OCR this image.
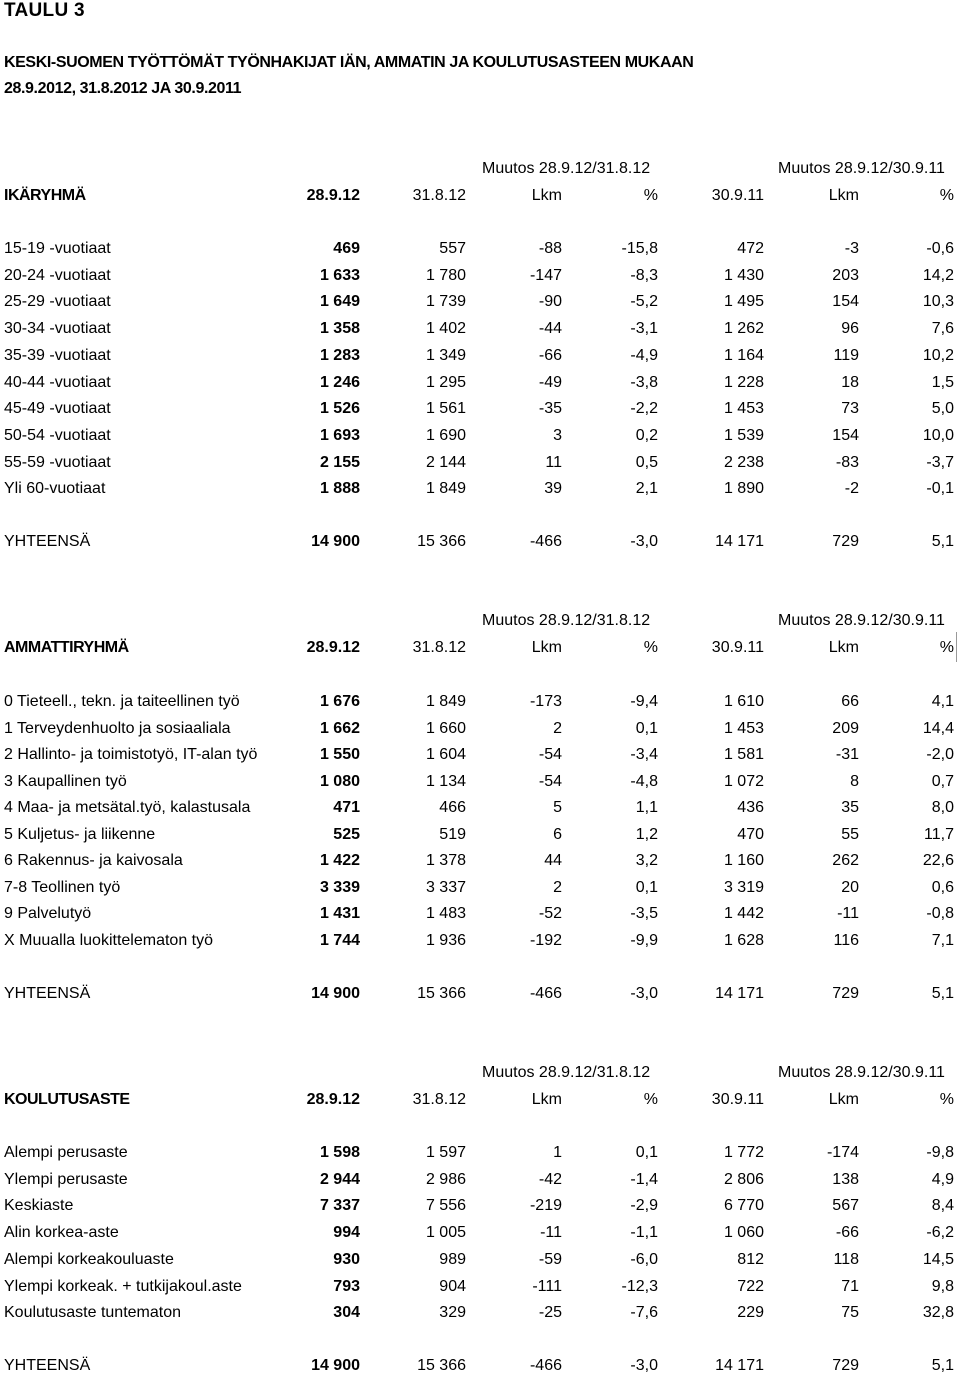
TAULU 3
KESKI-SUOMEN TYÖTTÖMÄT TYÖNHAKIJAT IÄN, AMMATIN JA KOULUTUSASTEEN MUKAAN
28.9.2012, 31.8.2012 JA 30.9.2011
Muutos 28.9.12/31.8.12	Muutos 28.9.12/30.9.11
IKÄRYHMÄ	28.9.12	31.8.12	Lkm	%	30.9.11	Lkm	%
15-19 -vuotiaat	469	557	-88	-15,8	472	-3	-0,6
20-24 -vuotiaat	1 633	1 780	-147	-8,3	1 430	203	14,2
25-29 -vuotiaat	1 649	1 739	-90	-5,2	1 495	154	10,3
30-34 -vuotiaat	1 358	1 402	-44	-3,1	1 262	96	7,6
35-39 -vuotiaat	1 283	1 349	-66	-4,9	1 164	119	10,2
40-44 -vuotiaat	1 246	1 295	-49	-3,8	1 228	18	1,5
45-49 -vuotiaat	1 526	1 561	-35	-2,2	1 453	73	5,0
50-54 -vuotiaat	1 693	1 690	3	0,2	1 539	154	10,0
55-59 -vuotiaat	2 155	2 144	11	0,5	2 238	-83	-3,7
Yli 60-vuotiaat	1 888	1 849	39	2,1	1 890	-2	-0,1
YHTEENSÄ	14 900	15 366	-466	-3,0	14 171	729	5,1
Muutos 28.9.12/31.8.12	Muutos 28.9.12/30.9.11
AMMATTIRYHMÄ	28.9.12	31.8.12	Lkm	%	30.9.11	Lkm	%
0 Tieteell., tekn. ja taiteellinen työ	1 676	1 849	-173	-9,4	1 610	66	4,1
1 Terveydenhuolto ja sosiaaliala	1 662	1 660	2	0,1	1 453	209	14,4
2 Hallinto- ja toimistotyö, IT-alan työ	1 550	1 604	-54	-3,4	1 581	-31	-2,0
3 Kaupallinen työ	1 080	1 134	-54	-4,8	1 072	8	0,7
4 Maa- ja metsätal.työ, kalastusala	471	466	5	1,1	436	35	8,0
5 Kuljetus- ja liikenne	525	519	6	1,2	470	55	11,7
6 Rakennus- ja kaivosala	1 422	1 378	44	3,2	1 160	262	22,6
7-8 Teollinen työ	3 339	3 337	2	0,1	3 319	20	0,6
9 Palvelutyö	1 431	1 483	-52	-3,5	1 442	-11	-0,8
X Muualla luokittelematon työ	1 744	1 936	-192	-9,9	1 628	116	7,1
YHTEENSÄ	14 900	15 366	-466	-3,0	14 171	729	5,1
Muutos 28.9.12/31.8.12	Muutos 28.9.12/30.9.11
KOULUTUSASTE	28.9.12	31.8.12	Lkm	%	30.9.11	Lkm	%
Alempi perusaste	1 598	1 597	1	0,1	1 772	-174	-9,8
Ylempi perusaste	2 944	2 986	-42	-1,4	2 806	138	4,9
Keskiaste	7 337	7 556	-219	-2,9	6 770	567	8,4
Alin korkea-aste	994	1 005	-11	-1,1	1 060	-66	-6,2
Alempi korkeakouluaste	930	989	-59	-6,0	812	118	14,5
Ylempi korkeak. + tutkijakoul.aste	793	904	-111	-12,3	722	71	9,8
Koulutusaste tuntematon	304	329	-25	-7,6	229	75	32,8
YHTEENSÄ	14 900	15 366	-466	-3,0	14 171	729	5,1
